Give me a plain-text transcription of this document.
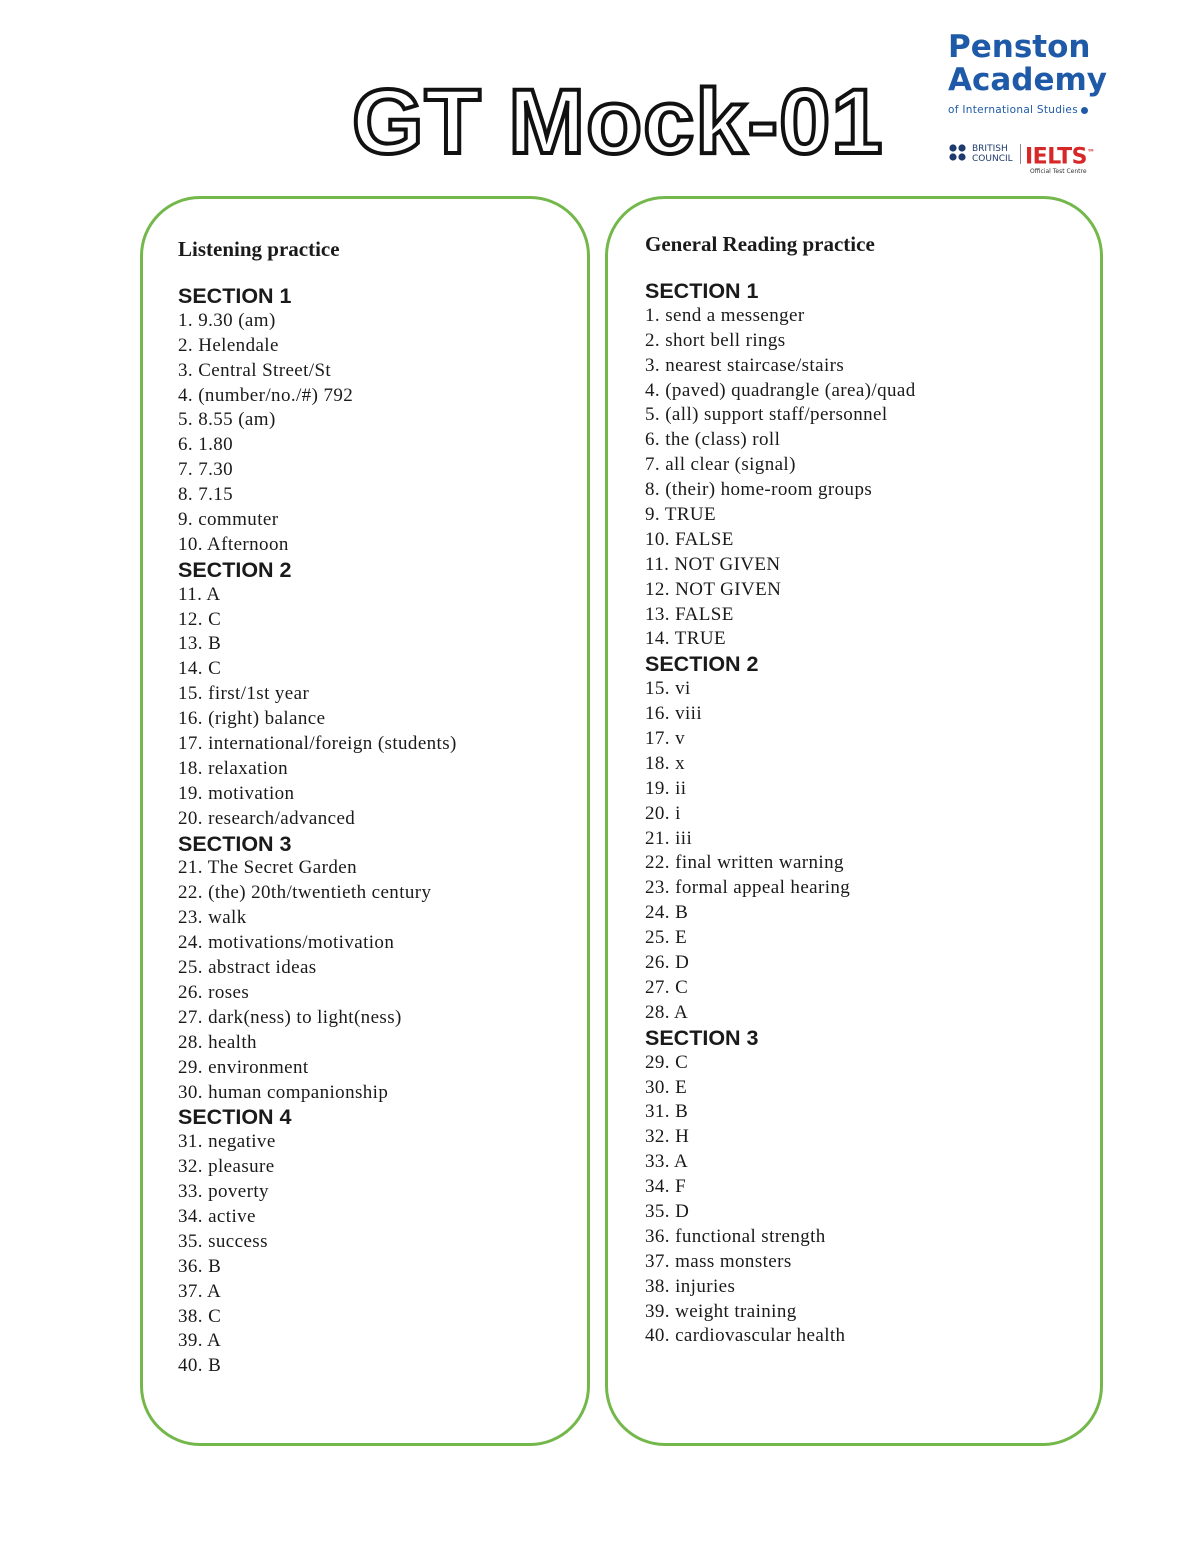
GT Mock-01
Penston
Academy
of International Studies
BRITISH
COUNCIL IELTS™
Official Test Centre
Listening practice
SECTION 1
1. 9.30 (am)
2. Helendale
3. Central Street/St
4. (number/no./#) 792
5. 8.55 (am)
6. 1.80
7. 7.30
8. 7.15
9. commuter
10. Afternoon
SECTION 2
11. A
12. C
13. B
14. C
15. first/1st year
16. (right) balance
17. international/foreign (students)
18. relaxation
19. motivation
20. research/advanced
SECTION 3
21. The Secret Garden
22. (the) 20th/twentieth century
23. walk
24. motivations/motivation
25. abstract ideas
26. roses
27. dark(ness) to light(ness)
28. health
29. environment
30. human companionship
SECTION 4
31. negative
32. pleasure
33. poverty
34. active
35. success
36. B
37. A
38. C
39. A
40. B
General Reading practice
SECTION 1
1. send a messenger
2. short bell rings
3. nearest staircase/stairs
4. (paved) quadrangle (area)/quad
5. (all) support staff/personnel
6. the (class) roll
7. all clear (signal)
8. (their) home-room groups
9. TRUE
10. FALSE
11. NOT GIVEN
12. NOT GIVEN
13. FALSE
14. TRUE
SECTION 2
15. vi
16. viii
17. v
18. x
19. ii
20. i
21. iii
22. final written warning
23. formal appeal hearing
24. B
25. E
26. D
27. C
28. A
SECTION 3
29. C
30. E
31. B
32. H
33. A
34. F
35. D
36. functional strength
37. mass monsters
38. injuries
39. weight training
40. cardiovascular health
